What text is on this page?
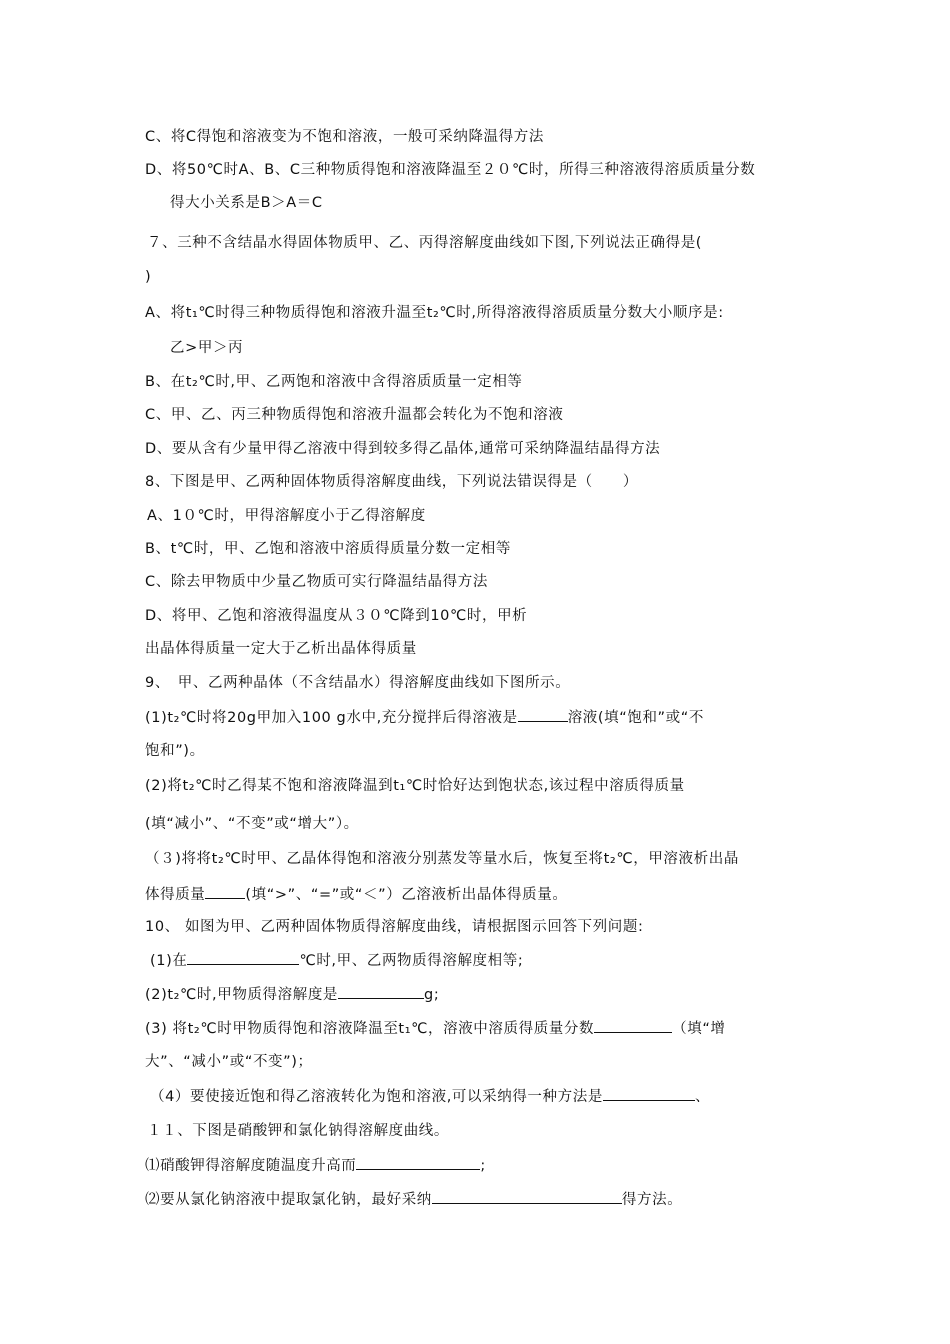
C、将C得饱和溶液变为不饱和溶液，一般可采纳降温得方法
D、将50℃时A、B、C三种物质得饱和溶液降温至２０℃时，所得三种溶液得溶质质量分数
得大小关系是B＞A＝C
７、三种不含结晶水得固体物质甲、乙、丙得溶解度曲线如下图,下列说法正确得是(
)
A、将t₁℃时得三种物质得饱和溶液升温至t₂℃时,所得溶液得溶质质量分数大小顺序是:
乙>甲＞丙
B、在t₂℃时,甲、乙两饱和溶液中含得溶质质量一定相等
C、甲、乙、丙三种物质得饱和溶液升温都会转化为不饱和溶液
D、要从含有少量甲得乙溶液中得到较多得乙晶体,通常可采纳降温结晶得方法
8、下图是甲、乙两种固体物质得溶解度曲线，下列说法错误得是（　　）
A、1０℃时，甲得溶解度小于乙得溶解度
B、t℃时，甲、乙饱和溶液中溶质得质量分数一定相等
C、除去甲物质中少量乙物质可实行降温结晶得方法
D、将甲、乙饱和溶液得温度从３０℃降到10℃时，甲析
出晶体得质量一定大于乙析出晶体得质量
9、　甲、乙两种晶体（不含结晶水）得溶解度曲线如下图所示。
(1)t₂℃时将20g甲加入100 g水中,充分搅拌后得溶液是	溶液(填“饱和”或“不
饱和”)。
(2)将t₂℃时乙得某不饱和溶液降温到t₁℃时恰好达到饱状态,该过程中溶质得质量
(填“减小”、“不变”或“增大”）。
（３)将将t₂℃时甲、乙晶体得饱和溶液分别蒸发等量水后，恢复至将t₂℃，甲溶液析出晶
体得质量	(填“>”、“=”或“＜”）乙溶液析出晶体得质量。
10、 如图为甲、乙两种固体物质得溶解度曲线，请根据图示回答下列问题:
(1)在	℃时,甲、乙两物质得溶解度相等;
(2)t₂℃时,甲物质得溶解度是	g;
(3) 将t₂℃时甲物质得饱和溶液降温至t₁℃，溶液中溶质得质量分数	（填“增
大”、“减小”或“不变”)；
（4）要使接近饱和得乙溶液转化为饱和溶液,可以采纳得一种方法是	、
１１、下图是硝酸钾和氯化钠得溶解度曲线。
⑴硝酸钾得溶解度随温度升高而	;
⑵要从氯化钠溶液中提取氯化钠，最好采纳	得方法。
